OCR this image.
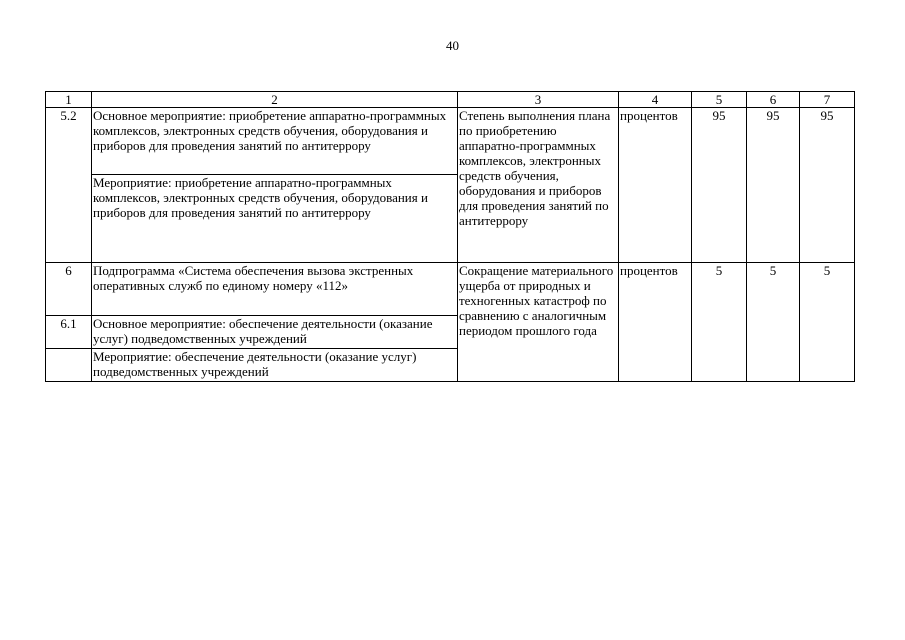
40
1	2	3	4	5	6	7
5.2	Основное мероприятие: приобретение аппаратно-программных комплексов, электронных средств обучения, оборудования и приборов для проведения занятий по антитеррору	Степень выполнения плана по приобретению аппаратно-программных комплексов, электронных средств обучения, оборудования и приборов для проведения занятий по антитеррору	процентов	95	95	95
	Мероприятие: приобретение аппаратно-программных комплексов, электронных средств обучения, оборудования и приборов для проведения занятий по антитеррору					
6	Подпрограмма «Система обеспечения вызова экстренных оперативных служб по единому номеру «112»	Сокращение материального ущерба от природных и техногенных катастроф по сравнению с аналогичным периодом прошлого года	процентов	5	5	5
6.1	Основное мероприятие: обеспечение деятельности (оказание услуг) подведомственных учреждений					
	Мероприятие: обеспечение деятельности (оказание услуг) подведомственных учреждений					
